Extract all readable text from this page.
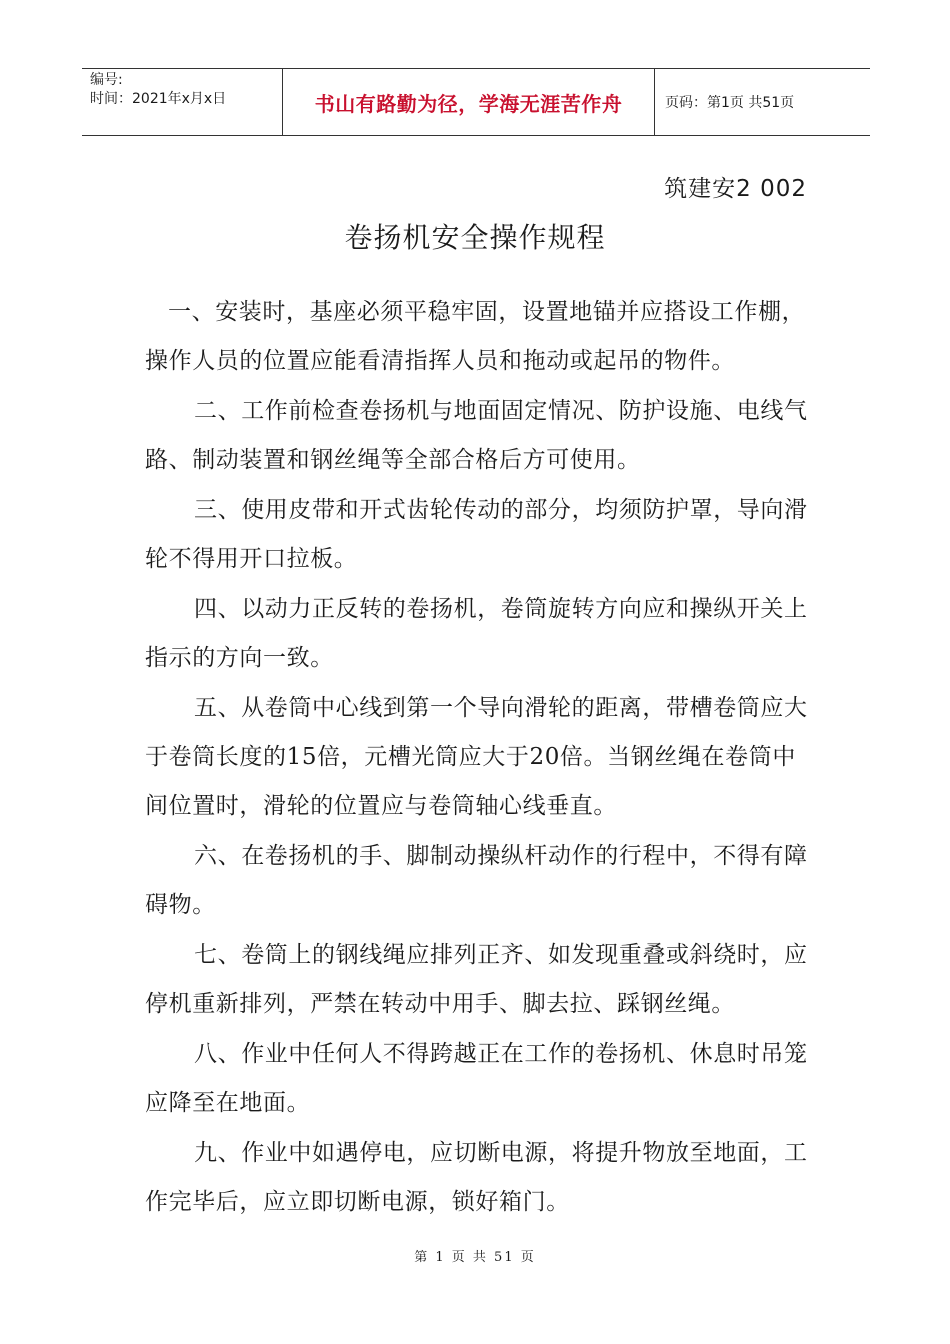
编号:
时间：2021年x月x日	书山有路勤为径，学海无涯苦作舟	页码：第1页 共51页
筑建安2 002
卷扬机安全操作规程

一、安装时，基座必须平稳牢固，设置地锚并应搭设工作棚，操作人员的位置应能看清指挥人员和拖动或起吊的物件。

二、工作前检查卷扬机与地面固定情况、防护设施、电线气路、制动装置和钢丝绳等全部合格后方可使用。

三、使用皮带和开式齿轮传动的部分，均须防护罩，导向滑轮不得用开口拉板。

四、以动力正反转的卷扬机，卷筒旋转方向应和操纵开关上指示的方向一致。

五、从卷筒中心线到第一个导向滑轮的距离，带槽卷筒应大于卷筒长度的15倍，元槽光筒应大于20倍。当钢丝绳在卷筒中间位置时，滑轮的位置应与卷筒轴心线垂直。

六、在卷扬机的手、脚制动操纵杆动作的行程中，不得有障碍物。

七、卷筒上的钢线绳应排列正齐、如发现重叠或斜绕时，应停机重新排列，严禁在转动中用手、脚去拉、踩钢丝绳。

八、作业中任何人不得跨越正在工作的卷扬机、休息时吊笼应降至在地面。

九、作业中如遇停电，应切断电源，将提升物放至地面，工作完毕后，应立即切断电源，锁好箱门。

第 1 页 共 51 页
